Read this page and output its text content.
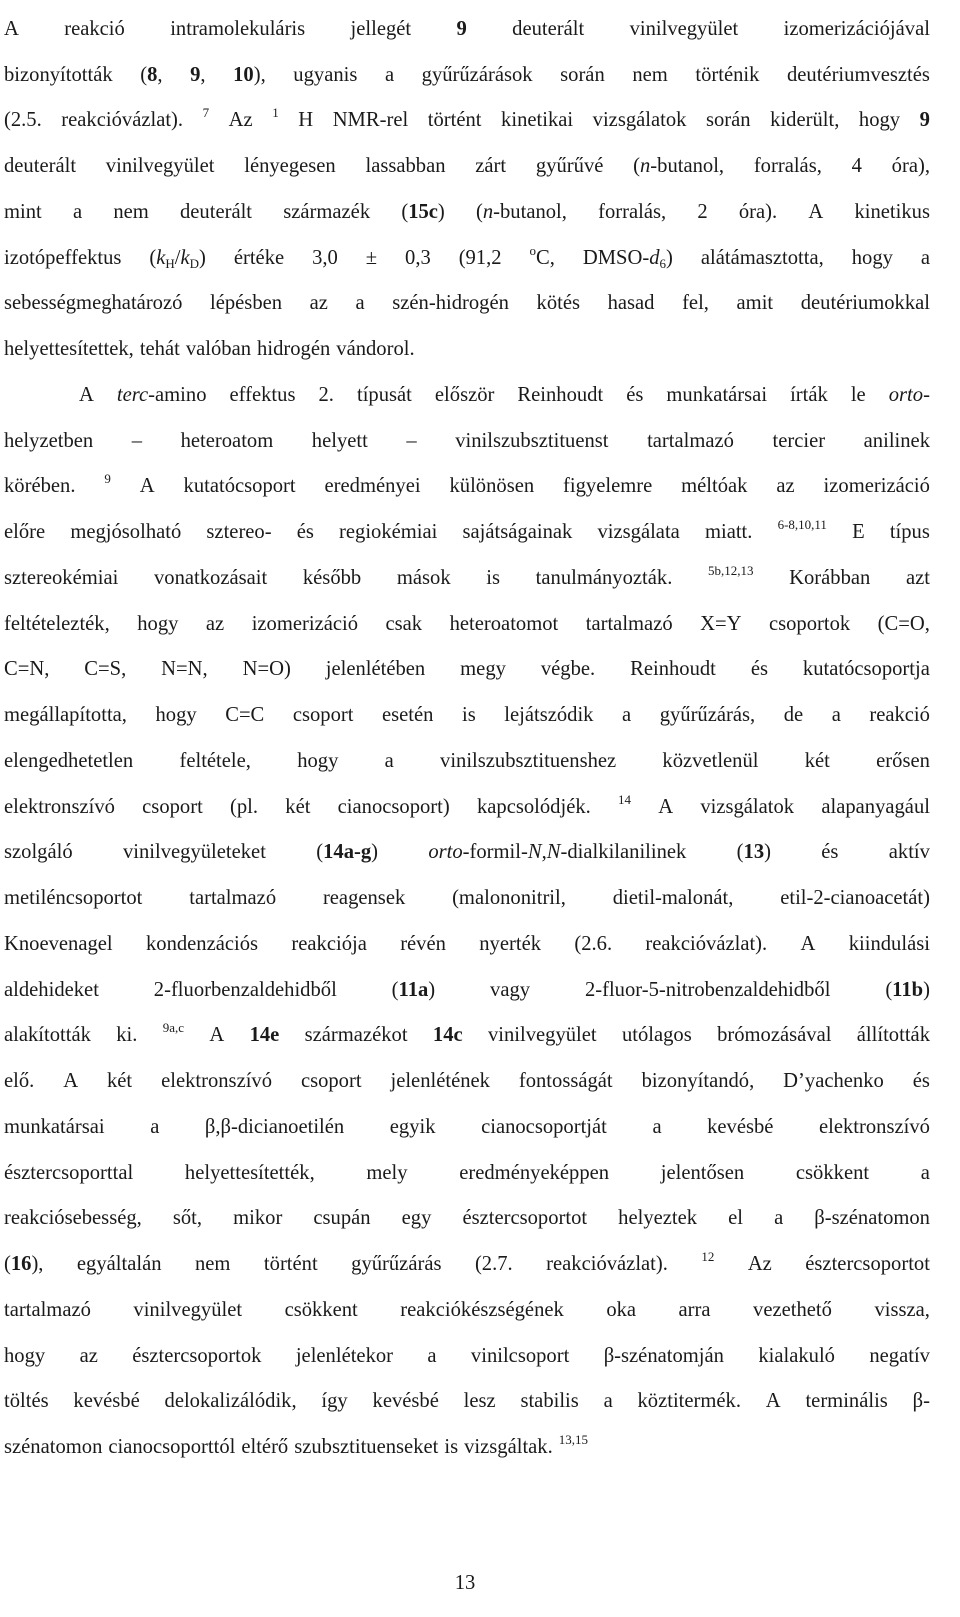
A reakció intramolekuláris jellegét 9 deuterált vinilvegyület izomerizációjával
bizonyították (8, 9, 10), ugyanis a gyűrűzárások során nem történik deutériumvesztés
(2.5. reakcióvázlat). $^7$ Az $^1$ H NMR-rel történt kinetikai vizsgálatok során kiderült, hogy 9
deuterált vinilvegyület lényegesen lassabban zárt gyűrűvé (n-butanol, forralás, 4 óra),
mint a nem deuterált származék (15c) (n-butanol, forralás, 2 óra). A kinetikus
izotópeffektus $(k_H/k_D)$ értéke 3,0 ± 0,3 (91,2 $^o$C, DMSO-$d_6$) alátámasztotta, hogy a
sebességmeghatározó lépésben az a szén-hidrogén kötés hasad fel, amit deutériumokkal
helyettesítettek, tehát valóban hidrogén vándorol.
A terc-amino effektus 2. típusát először Reinhoudt és munkatársai írták le orto-
helyzetben – heteroatom helyett – vinilszubsztituenst tartalmazó tercier anilinek
körében. $^9$ A kutatócsoport eredményei különösen figyelemre méltóak az izomerizáció
előre megjósolható sztereo- és regiokémiai sajátságainak vizsgálata miatt. $^{6-8,10,11}$ E típus
sztereokémiai vonatkozásait később mások is tanulmányozták.	$^{5b,12,13}$ Korábban azt
feltételezték, hogy az izomerizáció csak heteroatomot tartalmazó X=Y csoportok (C=O,
C=N, C=S, N=N, N=O) jelenlétében megy végbe. Reinhoudt és kutatócsoportja
megállapította, hogy C=C csoport esetén is lejátszódik a gyűrűzárás, de a reakció
elengedhetetlen feltétele, hogy a vinilszubsztituenshez közvetlenül két erősen
elektronszívó csoport (pl. két cianocsoport) kapcsolódjék. $^{14}$ A vizsgálatok alapanyagául
szolgáló vinilvegyületeket (14a-g) orto-formil-N,N-dialkilanilinek (13) és aktív
metiléncsoportot tartalmazó reagensek (malononitril, dietil-malonát, etil-2-cianoacetát)
Knoevenagel kondenzációs reakciója révén nyerték (2.6. reakcióvázlat). A kiindulási
aldehideket	2-fluorbenzaldehidből	(11a)	vagy	2-fluor-5-nitrobenzaldehidből	(11b)
alakították ki. $^{9a,c}$ A 14e származékot 14c vinilvegyület utólagos brómozásával állították
elő. A két elektronszívó csoport jelenlétének fontosságát bizonyítandó, D’yachenko és
munkatársai a β,β-dicianoetilén egyik cianocsoportját a kevésbé elektronszívó
észtercsoporttal	helyettesítették,	mely	eredményeképpen	jelentősen	csökkent	a
reakciósebesség, sőt, mikor csupán egy észtercsoportot helyeztek el a β-szénatomon
(16), egyáltalán nem történt gyűrűzárás (2.7. reakcióvázlat).	$^{12}$ Az észtercsoportot
tartalmazó vinilvegyület csökkent reakciókészségének oka arra vezethető vissza,
hogy az észtercsoportok jelenlétekor a vinilcsoport β-szénatomján kialakuló negatív
töltés kevésbé delokalizálódik, így kevésbé lesz stabilis a köztitermék. A terminális β-
szénatomon cianocsoporttól eltérő szubsztituenseket is vizsgáltak. $^{13,15}$
13
